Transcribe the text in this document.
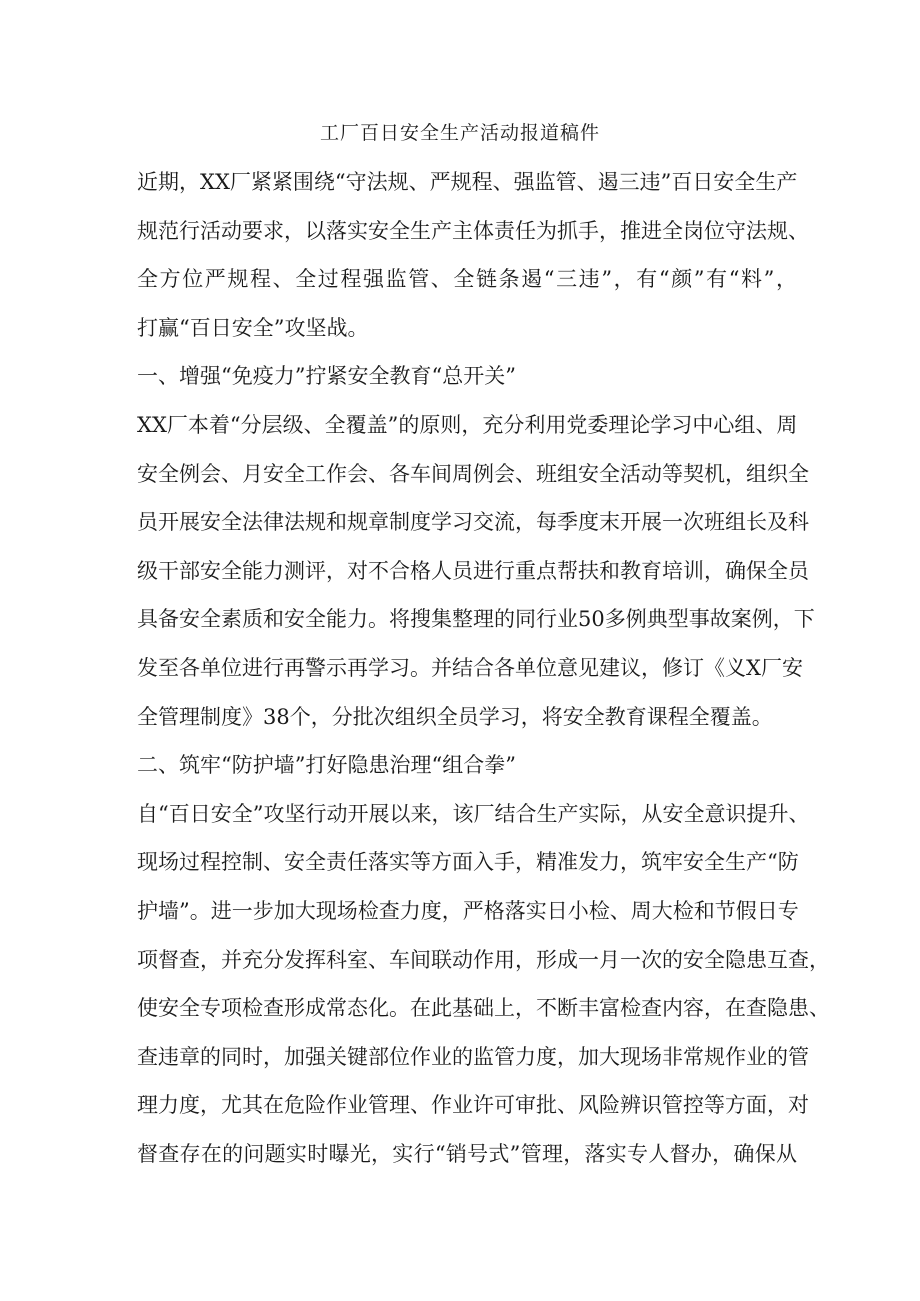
工厂百日安全生产活动报道稿件
近期，XX厂紧紧围绕“守法规、严规程、强监管、遏三违”百日安全生产
规范行活动要求，以落实安全生产主体责任为抓手，推进全岗位守法规、
全方位严规程、全过程强监管、全链条遏“三违”，有“颜”有“料”，
打赢“百日安全”攻坚战。
一、增强“免疫力”拧紧安全教育“总开关”
XX厂本着“分层级、全覆盖”的原则，充分利用党委理论学习中心组、周
安全例会、月安全工作会、各车间周例会、班组安全活动等契机，组织全
员开展安全法律法规和规章制度学习交流，每季度末开展一次班组长及科
级干部安全能力测评，对不合格人员进行重点帮扶和教育培训，确保全员
具备安全素质和安全能力。将搜集整理的同行业50多例典型事故案例，下
发至各单位进行再警示再学习。并结合各单位意见建议，修订《义X厂安
全管理制度》38个，分批次组织全员学习，将安全教育课程全覆盖。
二、筑牢“防护墙”打好隐患治理“组合拳”
自“百日安全”攻坚行动开展以来，该厂结合生产实际，从安全意识提升、
现场过程控制、安全责任落实等方面入手，精准发力，筑牢安全生产“防
护墙”。进一步加大现场检查力度，严格落实日小检、周大检和节假日专
项督查，并充分发挥科室、车间联动作用，形成一月一次的安全隐患互查，
使安全专项检查形成常态化。在此基础上，不断丰富检查内容，在查隐患、
查违章的同时，加强关键部位作业的监管力度，加大现场非常规作业的管
理力度，尤其在危险作业管理、作业许可审批、风险辨识管控等方面，对
督查存在的问题实时曝光，实行“销号式”管理，落实专人督办，确保从
